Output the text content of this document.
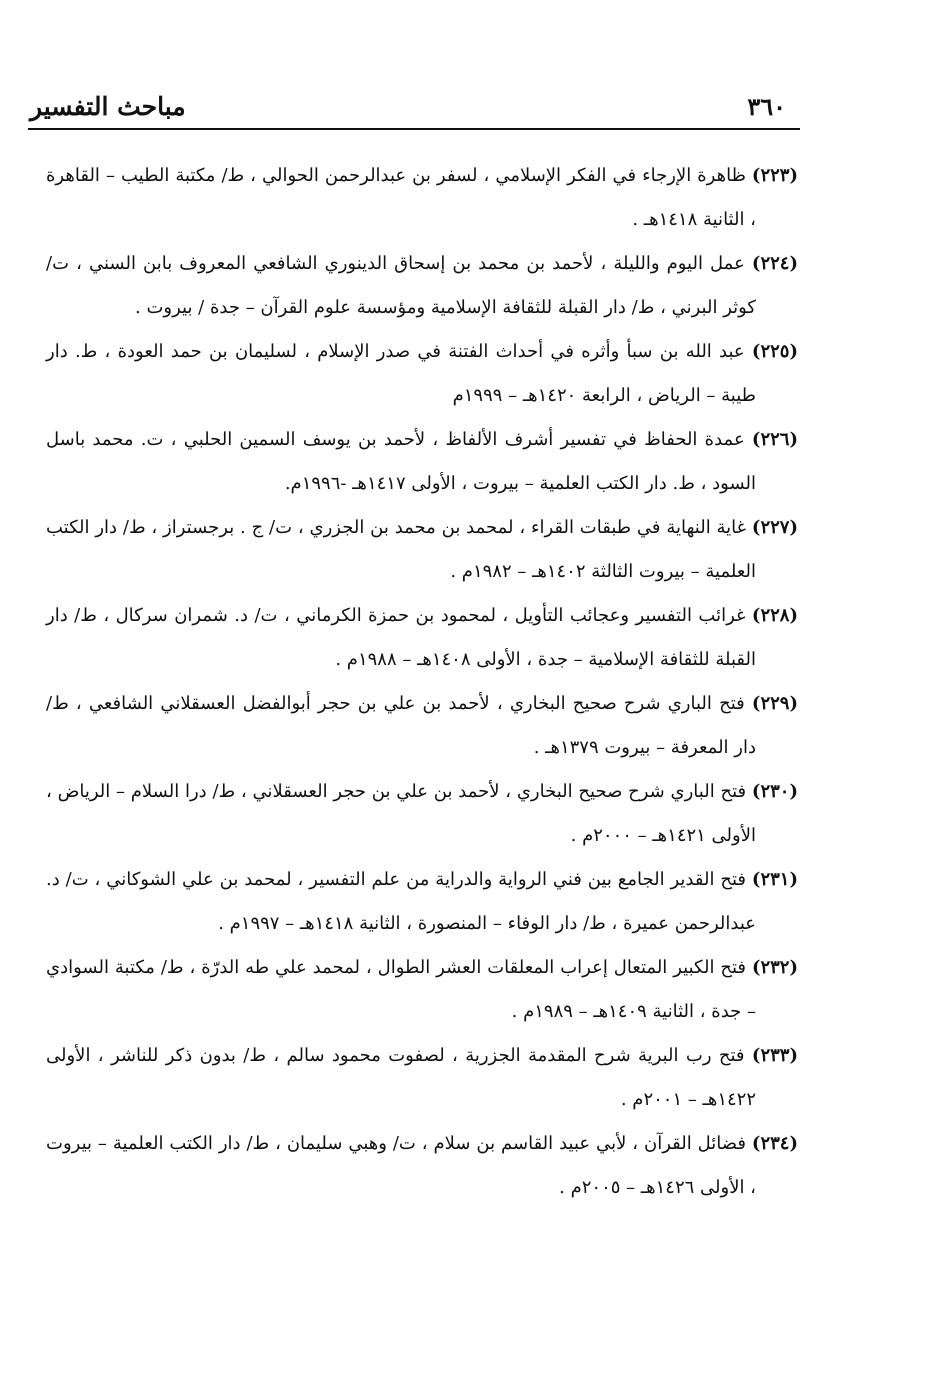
٣٦٠
مباحث التفسير

(٢٢٣) ظاهرة الإرجاء في الفكر الإسلامي ، لسفر بن عبدالرحمن الحوالي ، ط/ مكتبة الطيب – القاهرة ، الثانية ١٤١٨هـ .

(٢٢٤) عمل اليوم والليلة ، لأحمد بن محمد بن إسحاق الدينوري الشافعي المعروف بابن السني ، ت/ كوثر البرني ، ط/ دار القبلة للثقافة الإسلامية ومؤسسة علوم القرآن – جدة / بيروت .

(٢٢٥) عبد الله بن سبأ وأثره في أحداث الفتنة في صدر الإسلام ، لسليمان بن حمد العودة ، ط. دار طيبة – الرياض ، الرابعة ١٤٢٠هـ – ١٩٩٩م

(٢٢٦) عمدة الحفاظ في تفسير أشرف الألفاظ ، لأحمد بن يوسف السمين الحلبي ، ت. محمد باسل السود ، ط. دار الكتب العلمية – بيروت ، الأولى ١٤١٧هـ -١٩٩٦م.

(٢٢٧) غاية النهاية في طبقات القراء ، لمحمد بن محمد بن الجزري ، ت/ ج . برجستراز ، ط/ دار الكتب العلمية – بيروت الثالثة ١٤٠٢هـ – ١٩٨٢م .

(٢٢٨) غرائب التفسير وعجائب التأويل ، لمحمود بن حمزة الكرماني ، ت/ د. شمران سركال ، ط/ دار القبلة للثقافة الإسلامية – جدة ، الأولى ١٤٠٨هـ – ١٩٨٨م .

(٢٢٩) فتح الباري شرح صحيح البخاري ، لأحمد بن علي بن حجر أبوالفضل العسقلاني الشافعي ، ط/ دار المعرفة – بيروت ١٣٧٩هـ .

(٢٣٠) فتح الباري شرح صحيح البخاري ، لأحمد بن علي بن حجر العسقلاني ، ط/ درا السلام – الرياض ، الأولى ١٤٢١هـ – ٢٠٠٠م .

(٢٣١) فتح القدير الجامع بين فني الرواية والدراية من علم التفسير ، لمحمد بن علي الشوكاني ، ت/ د. عبدالرحمن عميرة ، ط/ دار الوفاء – المنصورة ، الثانية ١٤١٨هـ – ١٩٩٧م .

(٢٣٢) فتح الكبير المتعال إعراب المعلقات العشر الطوال ، لمحمد علي طه الدرّة ، ط/ مكتبة السوادي – جدة ، الثانية ١٤٠٩هـ – ١٩٨٩م .

(٢٣٣) فتح رب البرية شرح المقدمة الجزرية ، لصفوت محمود سالم ، ط/ بدون ذكر للناشر ، الأولى ١٤٢٢هـ – ٢٠٠١م .

(٢٣٤) فضائل القرآن ، لأبي عبيد القاسم بن سلام ، ت/ وهبي سليمان ، ط/ دار الكتب العلمية – بيروت ، الأولى ١٤٢٦هـ – ٢٠٠٥م .
